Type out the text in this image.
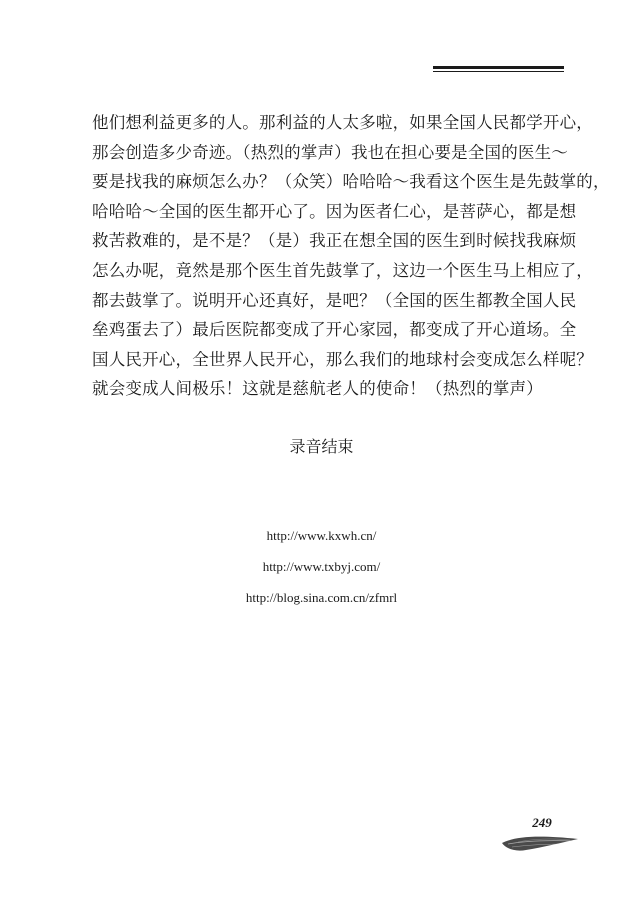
他们想利益更多的人。那利益的人太多啦，如果全国人民都学开心，
那会创造多少奇迹。（热烈的掌声）我也在担心要是全国的医生～
要是找我的麻烦怎么办？（众笑）哈哈哈～我看这个医生是先鼓掌的，
哈哈哈～全国的医生都开心了。因为医者仁心，是菩萨心，都是想
救苦救难的，是不是？（是）我正在想全国的医生到时候找我麻烦
怎么办呢，竟然是那个医生首先鼓掌了，这边一个医生马上相应了，
都去鼓掌了。说明开心还真好，是吧？（全国的医生都教全国人民
垒鸡蛋去了）最后医院都变成了开心家园，都变成了开心道场。全
国人民开心，全世界人民开心，那么我们的地球村会变成怎么样呢？
就会变成人间极乐！这就是慈航老人的使命！（热烈的掌声）
录音结束
http://www.kxwh.cn/
http://www.txbyj.com/
http://blog.sina.com.cn/zfmrl
249
